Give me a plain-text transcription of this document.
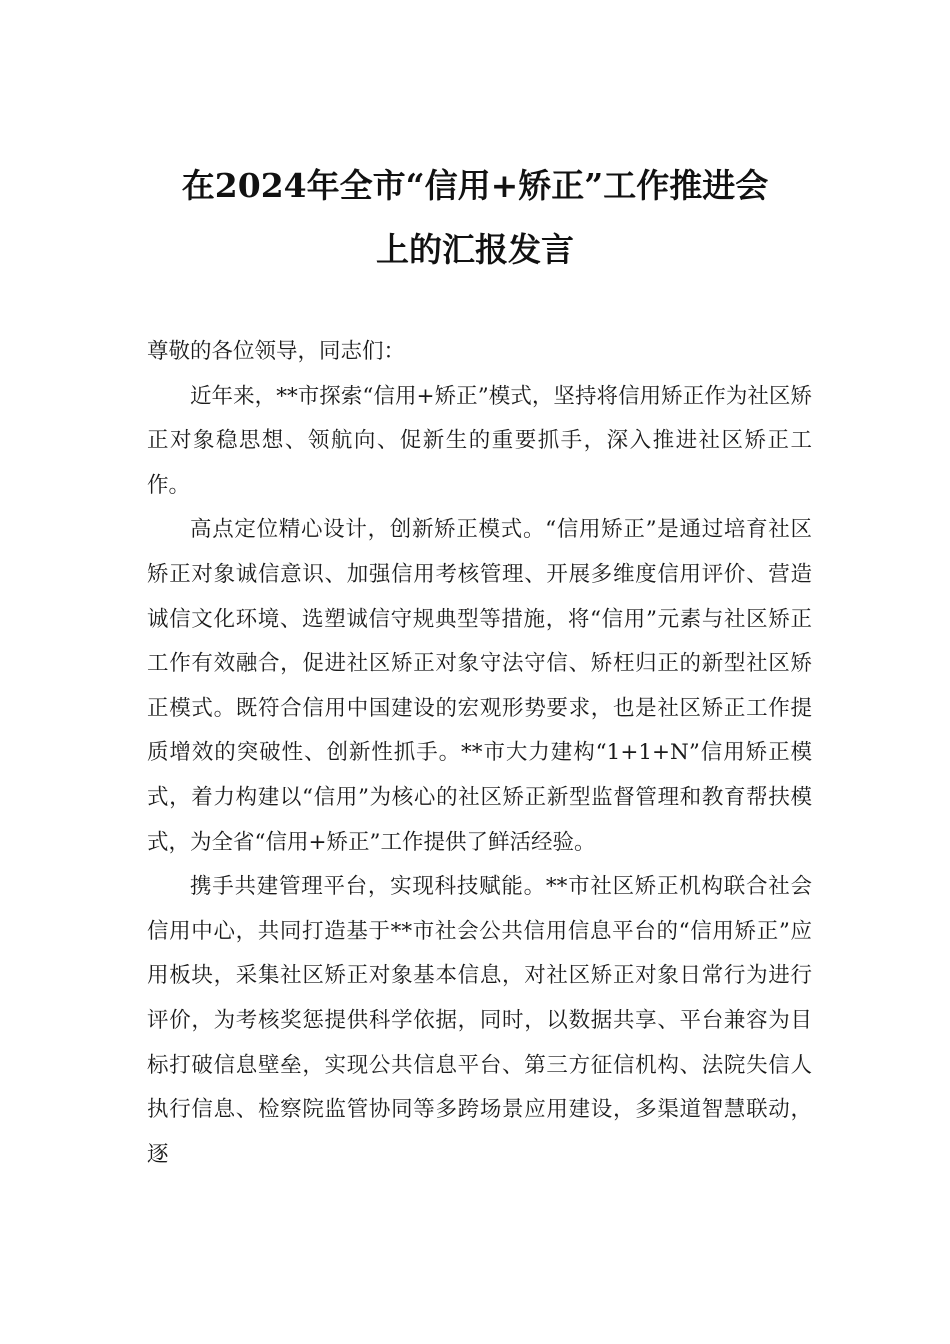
在2024年全市“信用+矫正”工作推进会
上的汇报发言

尊敬的各位领导，同志们：

近年来，**市探索“信用+矫正”模式，坚持将信用矫正作为社区矫正对象稳思想、领航向、促新生的重要抓手，深入推进社区矫正工作。

高点定位精心设计，创新矫正模式。“信用矫正”是通过培育社区矫正对象诚信意识、加强信用考核管理、开展多维度信用评价、营造诚信文化环境、选塑诚信守规典型等措施，将“信用”元素与社区矫正工作有效融合，促进社区矫正对象守法守信、矫枉归正的新型社区矫正模式。既符合信用中国建设的宏观形势要求，也是社区矫正工作提质增效的突破性、创新性抓手。**市大力建构“1+1+N”信用矫正模式，着力构建以“信用”为核心的社区矫正新型监督管理和教育帮扶模式，为全省“信用+矫正”工作提供了鲜活经验。

携手共建管理平台，实现科技赋能。**市社区矫正机构联合社会信用中心，共同打造基于**市社会公共信用信息平台的“信用矫正”应用板块，采集社区矫正对象基本信息，对社区矫正对象日常行为进行评价，为考核奖惩提供科学依据，同时，以数据共享、平台兼容为目标打破信息壁垒，实现公共信息平台、第三方征信机构、法院失信人执行信息、检察院监管协同等多跨场景应用建设，多渠道智慧联动，逐
